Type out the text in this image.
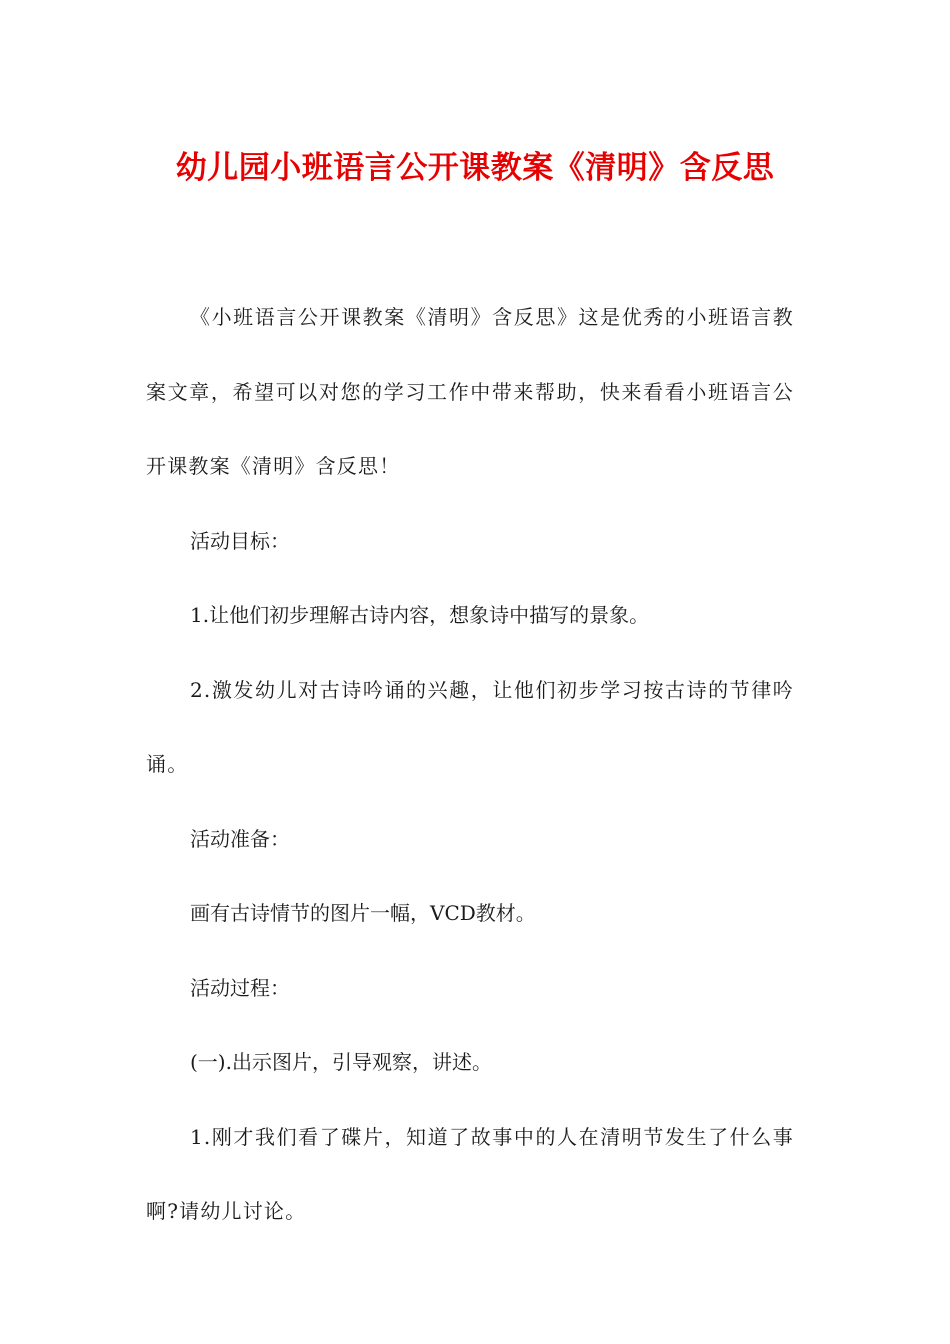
幼儿园小班语言公开课教案《清明》含反思

《小班语言公开课教案《清明》含反思》这是优秀的小班语言教案文章，希望可以对您的学习工作中带来帮助，快来看看小班语言公开课教案《清明》含反思！

活动目标：

1.让他们初步理解古诗内容，想象诗中描写的景象。

2.激发幼儿对古诗吟诵的兴趣，让他们初步学习按古诗的节律吟诵。

活动准备：

画有古诗情节的图片一幅，VCD教材。

活动过程：

(一).出示图片，引导观察，讲述。

1.刚才我们看了碟片，知道了故事中的人在清明节发生了什么事啊?请幼儿讨论。
